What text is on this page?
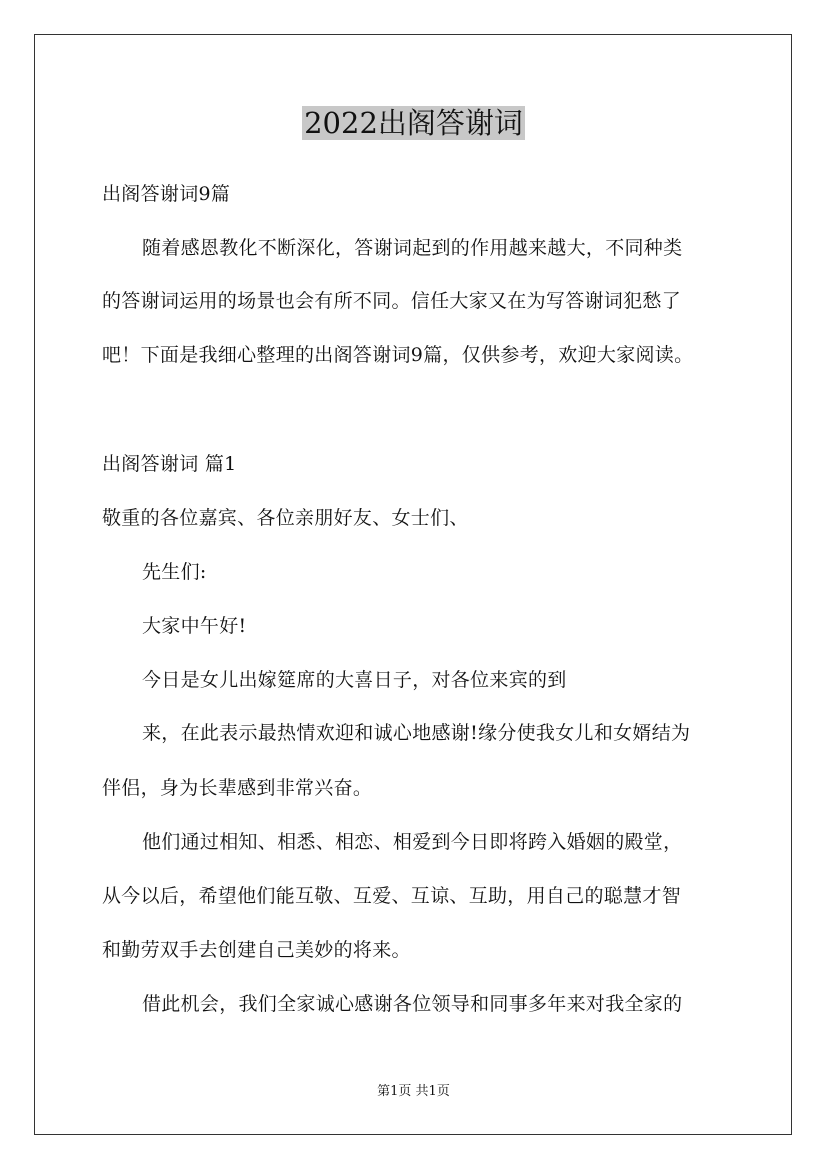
2022出阁答谢词
出阁答谢词9篇
随着感恩教化不断深化，答谢词起到的作用越来越大，不同种类
的答谢词运用的场景也会有所不同。信任大家又在为写答谢词犯愁了
吧！下面是我细心整理的出阁答谢词9篇，仅供参考，欢迎大家阅读。
出阁答谢词 篇1
敬重的各位嘉宾、各位亲朋好友、女士们、
先生们:
大家中午好!
今日是女儿出嫁筵席的大喜日子，对各位来宾的到
来，在此表示最热情欢迎和诚心地感谢!缘分使我女儿和女婿结为
伴侣，身为长辈感到非常兴奋。
他们通过相知、相悉、相恋、相爱到今日即将跨入婚姻的殿堂，
从今以后，希望他们能互敬、互爱、互谅、互助，用自己的聪慧才智
和勤劳双手去创建自己美妙的将来。
借此机会，我们全家诚心感谢各位领导和同事多年来对我全家的
第1页 共1页
